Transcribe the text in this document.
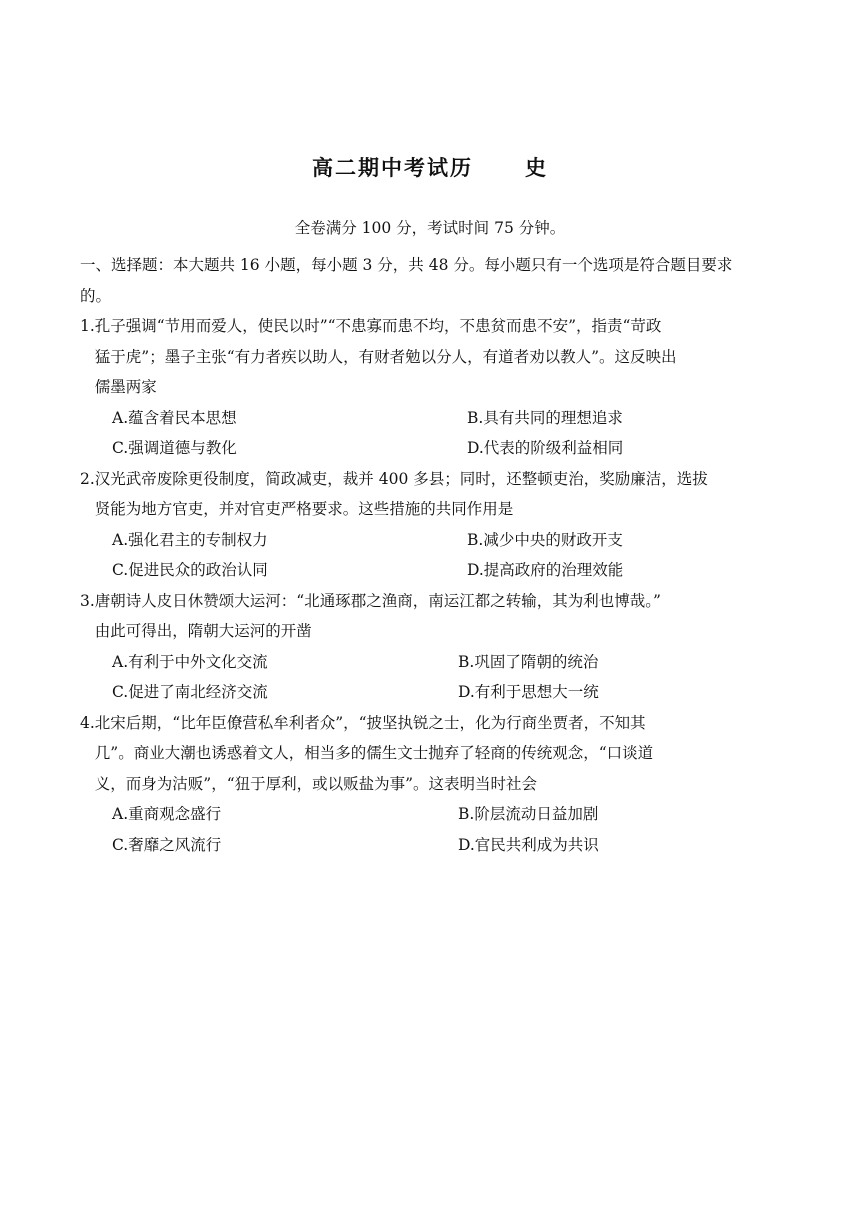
高二期中考试历 史
全卷满分 100 分，考试时间 75 分钟。
一、选择题：本大题共 16 小题，每小题 3 分，共 48 分。每小题只有一个选项是符合题目要求
的。
1.孔子强调“节用而爱人，使民以时”“不患寡而患不均，不患贫而患不安”，指责“苛政
猛于虎”；墨子主张“有力者疾以助人，有财者勉以分人，有道者劝以教人”。这反映出
儒墨两家
A.蕴含着民本思想	B.具有共同的理想追求
C.强调道德与教化	D.代表的阶级利益相同
2.汉光武帝废除更役制度，简政减吏，裁并 400 多县；同时，还整顿吏治，奖励廉洁，选拔
贤能为地方官吏，并对官吏严格要求。这些措施的共同作用是
A.强化君主的专制权力	B.减少中央的财政开支
C.促进民众的政治认同	D.提高政府的治理效能
3.唐朝诗人皮日休赞颂大运河：“北通琢郡之渔商，南运江都之转输，其为利也博哉。”
由此可得出，隋朝大运河的开凿
A.有利于中外文化交流	B.巩固了隋朝的统治
C.促进了南北经济交流	D.有利于思想大一统
4.北宋后期，“比年臣僚营私牟利者众”，“披坚执锐之士，化为行商坐贾者，不知其
几”。商业大潮也诱惑着文人，相当多的儒生文士抛弃了轻商的传统观念，“口谈道
义，而身为沽贩”，“狃于厚利，或以贩盐为事”。这表明当时社会
A.重商观念盛行	B.阶层流动日益加剧
C.奢靡之风流行	D.官民共利成为共识
